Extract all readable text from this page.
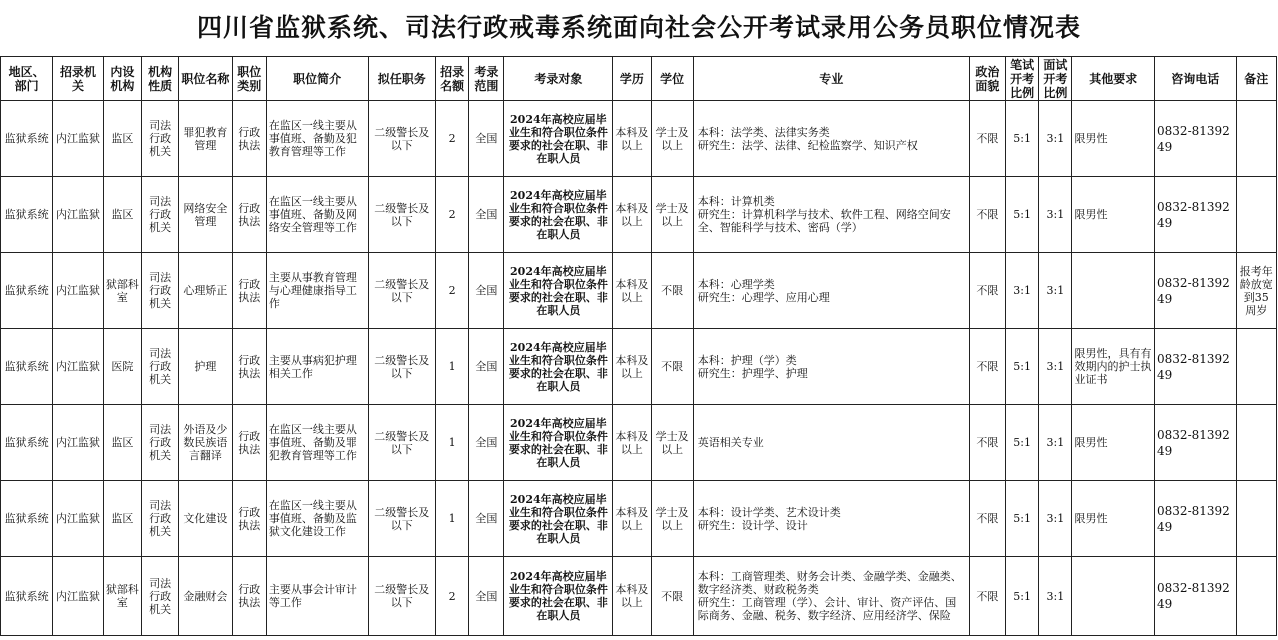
四川省监狱系统、司法行政戒毒系统面向社会公开考试录用公务员职位情况表
地区、部门	招录机关	内设机构	机构性质	职位名称	职位类别	职位简介	拟任职务	招录名额	考录范围	考录对象	学历	学位	专业	政治面貌	笔试开考比例	面试开考比例	其他要求	咨询电话	备注
监狱系统	内江监狱	监区	司法行政机关	罪犯教育管理	行政执法	在监区一线主要从事值班、备勤及犯教育管理等工作	二级警长及以下	2	全国	2024年高校应届毕业生和符合职位条件要求的社会在职、非在职人员	本科及以上	学士及以上	本科：法学类、法律实务类
研究生：法学、法律、纪检监察学、知识产权	不限	5:1	3:1	限男性	0832-8139249	
监狱系统	内江监狱	监区	司法行政机关	网络安全管理	行政执法	在监区一线主要从事值班、备勤及网络安全管理等工作	二级警长及以下	2	全国	2024年高校应届毕业生和符合职位条件要求的社会在职、非在职人员	本科及以上	学士及以上	本科：计算机类
研究生：计算机科学与技术、软件工程、网络空间安全、智能科学与技术、密码（学）	不限	5:1	3:1	限男性	0832-8139249	
监狱系统	内江监狱	狱部科室	司法行政机关	心理矫正	行政执法	主要从事教育管理与心理健康指导工作	二级警长及以下	2	全国	2024年高校应届毕业生和符合职位条件要求的社会在职、非在职人员	本科及以上	不限	本科：心理学类
研究生：心理学、应用心理	不限	3:1	3:1		0832-8139249	报考年龄放宽到35周岁
监狱系统	内江监狱	医院	司法行政机关	护理	行政执法	主要从事病犯护理相关工作	二级警长及以下	1	全国	2024年高校应届毕业生和符合职位条件要求的社会在职、非在职人员	本科及以上	不限	本科：护理（学）类
研究生：护理学、护理	不限	5:1	3:1	限男性，具有有效期内的护士执业证书	0832-8139249	
监狱系统	内江监狱	监区	司法行政机关	外语及少数民族语言翻译	行政执法	在监区一线主要从事值班、备勤及罪犯教育管理等工作	二级警长及以下	1	全国	2024年高校应届毕业生和符合职位条件要求的社会在职、非在职人员	本科及以上	学士及以上	英语相关专业	不限	5:1	3:1	限男性	0832-8139249	
监狱系统	内江监狱	监区	司法行政机关	文化建设	行政执法	在监区一线主要从事值班、备勤及监狱文化建设工作	二级警长及以下	1	全国	2024年高校应届毕业生和符合职位条件要求的社会在职、非在职人员	本科及以上	学士及以上	本科：设计学类、艺术设计类
研究生：设计学、设计	不限	5:1	3:1	限男性	0832-8139249	
监狱系统	内江监狱	狱部科室	司法行政机关	金融财会	行政执法	主要从事会计审计等工作	二级警长及以下	2	全国	2024年高校应届毕业生和符合职位条件要求的社会在职、非在职人员	本科及以上	不限	本科：工商管理类、财务会计类、金融学类、金融类、数字经济类、财政税务类
研究生：工商管理（学）、会计、审计、资产评估、国际商务、金融、税务、数字经济、应用经济学、保险	不限	5:1	3:1		0832-8139249	
